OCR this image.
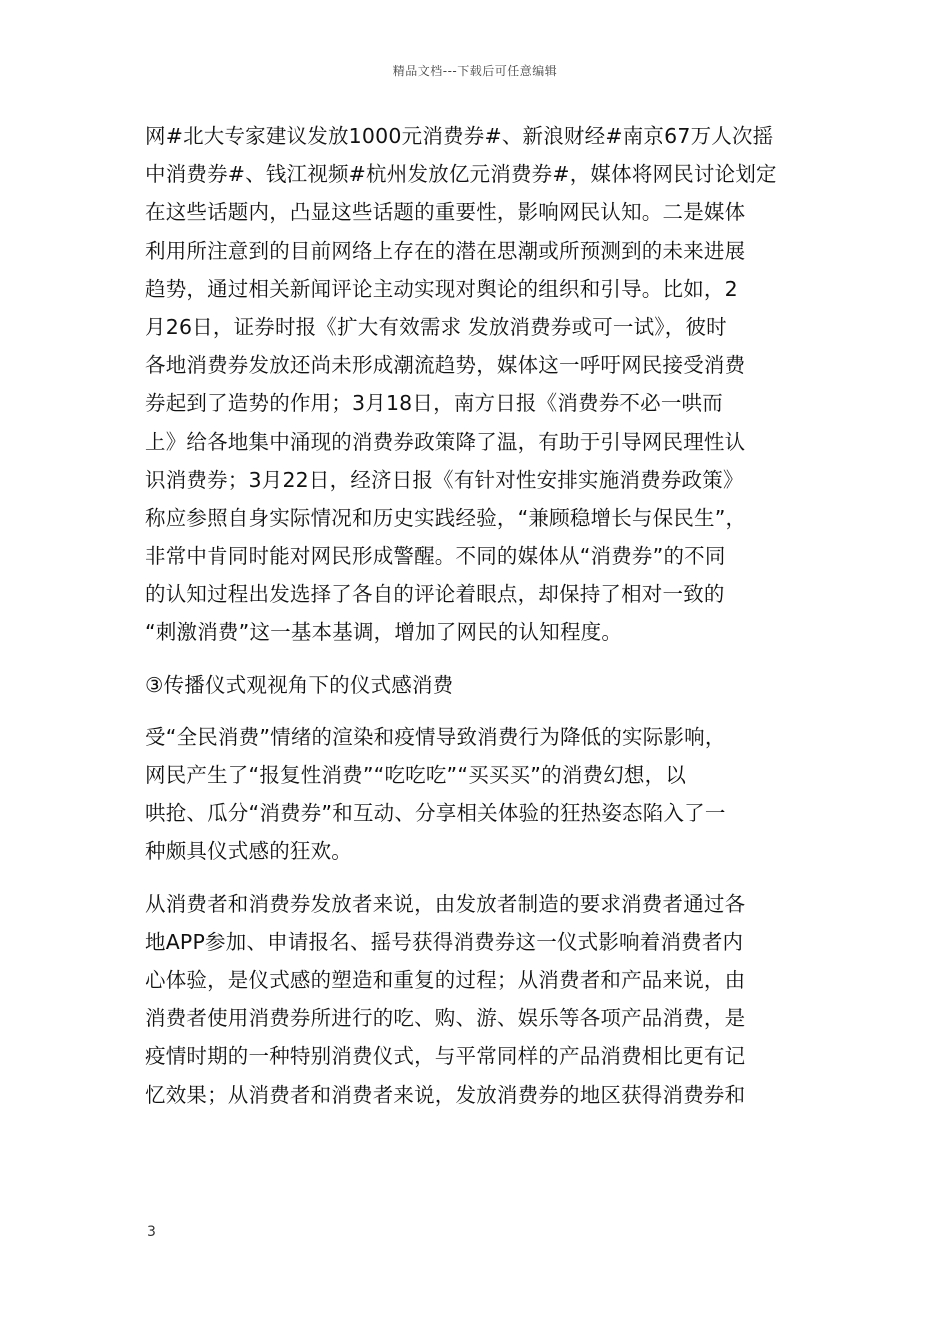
精品文档---下载后可任意编辑
网#北大专家建议发放1000元消费券#、新浪财经#南京67万人次摇
中消费券#、钱江视频#杭州发放亿元消费券#，媒体将网民讨论划定
在这些话题内，凸显这些话题的重要性，影响网民认知。二是媒体
利用所注意到的目前网络上存在的潜在思潮或所预测到的未来进展
趋势，通过相关新闻评论主动实现对舆论的组织和引导。比如，2
月26日，证券时报《扩大有效需求 发放消费券或可一试》，彼时
各地消费券发放还尚未形成潮流趋势，媒体这一呼吁网民接受消费
券起到了造势的作用；3月18日，南方日报《消费券不必一哄而
上》给各地集中涌现的消费券政策降了温，有助于引导网民理性认
识消费券；3月22日，经济日报《有针对性安排实施消费券政策》
称应参照自身实际情况和历史实践经验，“兼顾稳增长与保民生”，
非常中肯同时能对网民形成警醒。不同的媒体从“消费券”的不同
的认知过程出发选择了各自的评论着眼点，却保持了相对一致的
“刺激消费”这一基本基调，增加了网民的认知程度。
③传播仪式观视角下的仪式感消费
受“全民消费”情绪的渲染和疫情导致消费行为降低的实际影响，
网民产生了“报复性消费”“吃吃吃”“买买买”的消费幻想，以
哄抢、瓜分“消费券”和互动、分享相关体验的狂热姿态陷入了一
种颇具仪式感的狂欢。
从消费者和消费券发放者来说，由发放者制造的要求消费者通过各
地APP参加、申请报名、摇号获得消费券这一仪式影响着消费者内
心体验，是仪式感的塑造和重复的过程；从消费者和产品来说，由
消费者使用消费券所进行的吃、购、游、娱乐等各项产品消费，是
疫情时期的一种特别消费仪式，与平常同样的产品消费相比更有记
忆效果；从消费者和消费者来说，发放消费券的地区获得消费券和
3
